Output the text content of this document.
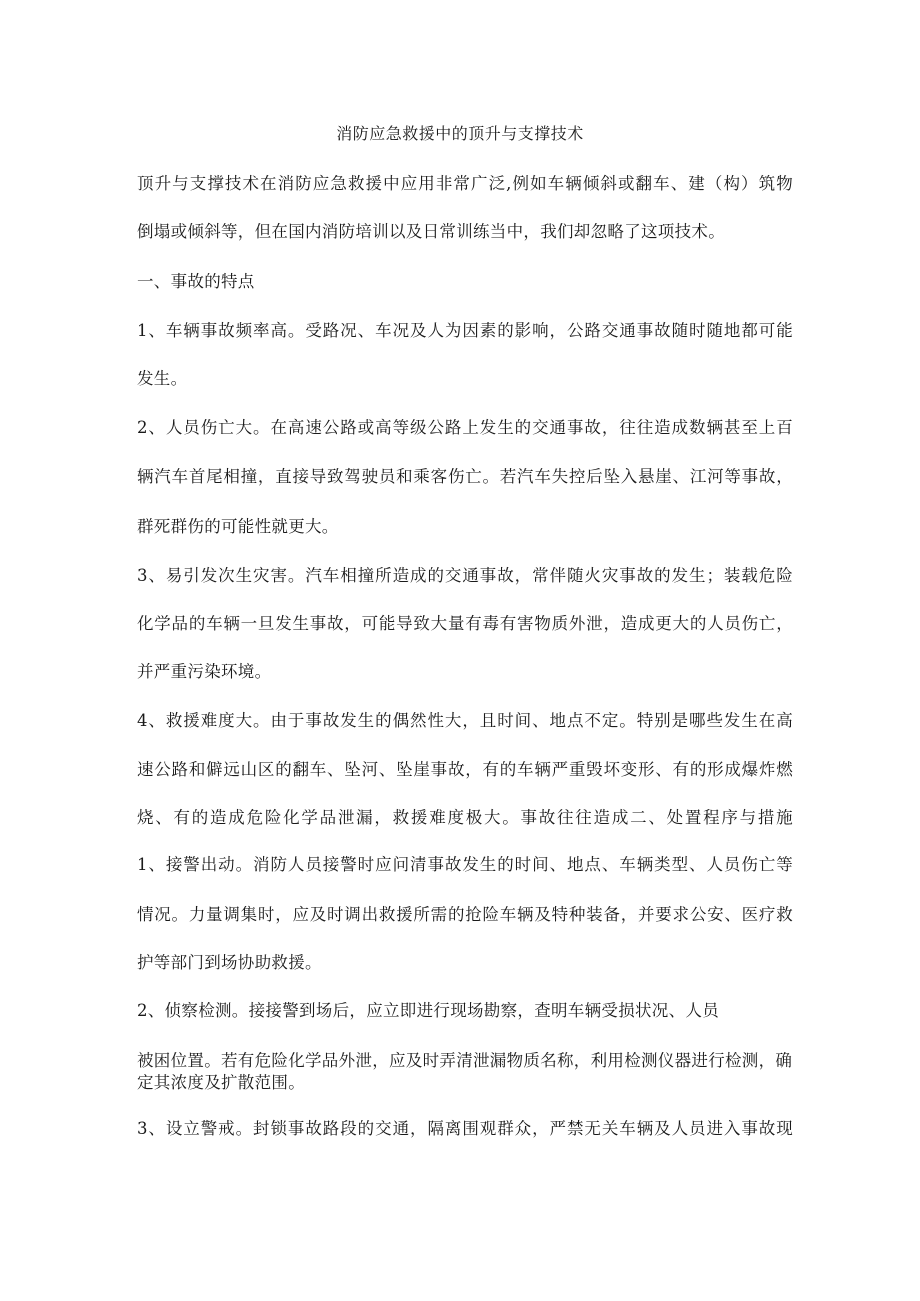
消防应急救援中的顶升与支撑技术
顶升与支撑技术在消防应急救援中应用非常广泛,例如车辆倾斜或翻车、建（构）筑物
倒塌或倾斜等，但在国内消防培训以及日常训练当中，我们却忽略了这项技术。
一、事故的特点
1、车辆事故频率高。受路况、车况及人为因素的影响，公路交通事故随时随地都可能
发生。
2、人员伤亡大。在高速公路或高等级公路上发生的交通事故，往往造成数辆甚至上百
辆汽车首尾相撞，直接导致驾驶员和乘客伤亡。若汽车失控后坠入悬崖、江河等事故，
群死群伤的可能性就更大。
3、易引发次生灾害。汽车相撞所造成的交通事故，常伴随火灾事故的发生；装载危险
化学品的车辆一旦发生事故，可能导致大量有毒有害物质外泄，造成更大的人员伤亡，
并严重污染环境。
4、救援难度大。由于事故发生的偶然性大，且时间、地点不定。特别是哪些发生在高
速公路和僻远山区的翻车、坠河、坠崖事故，有的车辆严重毁坏变形、有的形成爆炸燃
烧、有的造成危险化学品泄漏，救援难度极大。事故往往造成二、处置程序与措施
1、接警出动。消防人员接警时应问清事故发生的时间、地点、车辆类型、人员伤亡等
情况。力量调集时，应及时调出救援所需的抢险车辆及特种装备，并要求公安、医疗救
护等部门到场协助救援。
2、侦察检测。接接警到场后，应立即进行现场勘察，查明车辆受损状况、人员
被困位置。若有危险化学品外泄，应及时弄清泄漏物质名称，利用检测仪器进行检测，确定其浓度及扩散范围。
3、设立警戒。封锁事故路段的交通，隔离围观群众，严禁无关车辆及人员进入事故现
